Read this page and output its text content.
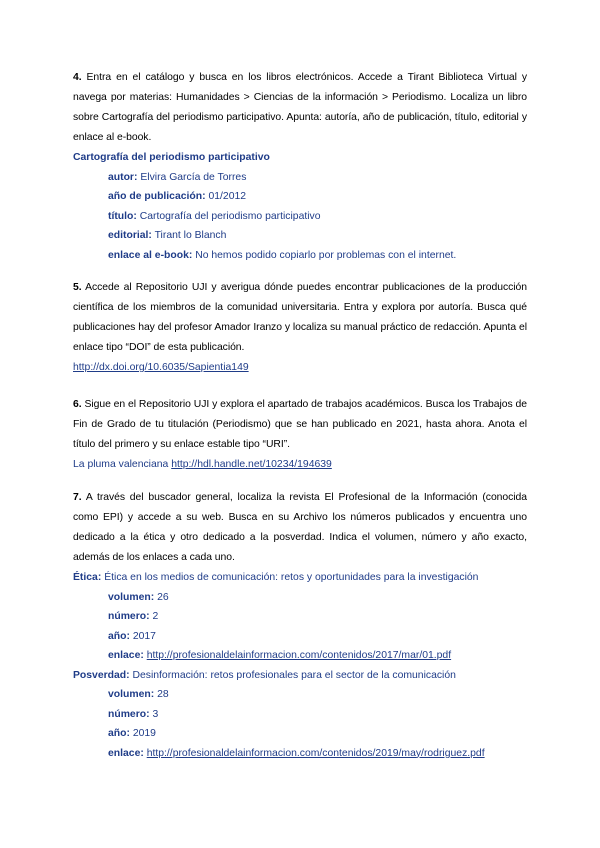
4. Entra en el catálogo y busca en los libros electrónicos. Accede a Tirant Biblioteca Virtual y navega por materias: Humanidades > Ciencias de la información > Periodismo. Localiza un libro sobre Cartografía del periodismo participativo. Apunta: autoría, año de publicación, título, editorial y enlace al e-book.

Cartografía del periodismo participativo

autor: Elvira García de Torres

año de publicación: 01/2012

título: Cartografía del periodismo participativo

editorial: Tirant lo Blanch

enlace al e-book: No hemos podido copiarlo por problemas con el internet.

5. Accede al Repositorio UJI y averigua dónde puedes encontrar publicaciones de la producción científica de los miembros de la comunidad universitaria. Entra y explora por autoría. Busca qué publicaciones hay del profesor Amador Iranzo y localiza su manual práctico de redacción. Apunta el enlace tipo “DOI” de esta publicación.

http://dx.doi.org/10.6035/Sapientia149

6. Sigue en el Repositorio UJI y explora el apartado de trabajos académicos. Busca los Trabajos de Fin de Grado de tu titulación (Periodismo) que se han publicado en 2021, hasta ahora. Anota el título del primero y su enlace estable tipo “URI”.

La pluma valenciana http://hdl.handle.net/10234/194639

7. A través del buscador general, localiza la revista El Profesional de la Información (conocida como EPI) y accede a su web. Busca en su Archivo los números publicados y encuentra uno dedicado a la ética y otro dedicado a la posverdad. Indica el volumen, número y año exacto, además de los enlaces a cada uno.

Ética: Ética en los medios de comunicación: retos y oportunidades para la investigación

volumen: 26

número: 2

año: 2017

enlace: http://profesionaldelainformacion.com/contenidos/2017/mar/01.pdf

Posverdad: Desinformación: retos profesionales para el sector de la comunicación

volumen: 28

número: 3

año: 2019

enlace: http://profesionaldelainformacion.com/contenidos/2019/may/rodriguez.pdf
